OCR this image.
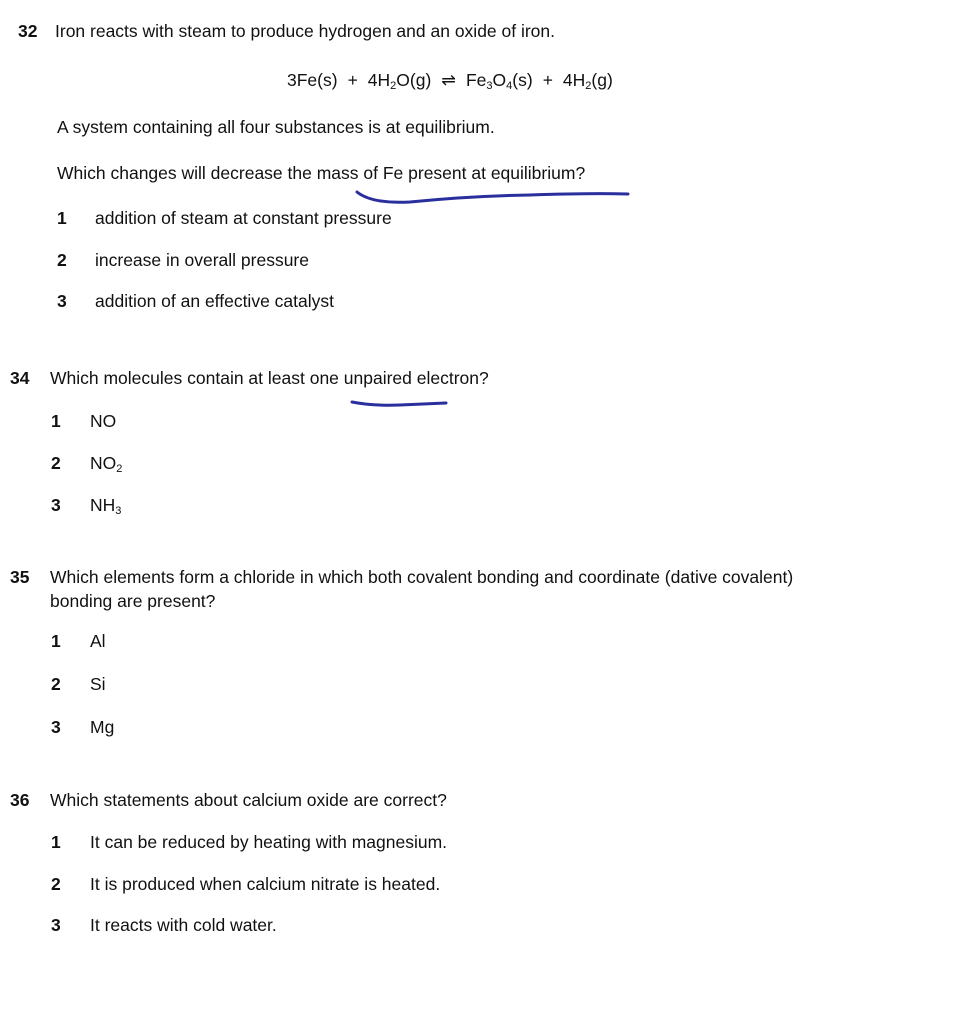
32 Iron reacts with steam to produce hydrogen and an oxide of iron.
$3Fe(s) + 4H_2O(g)$ ⇌ $Fe_3O_4(s) + 4H_2(g)$
A system containing all four substances is at equilibrium.
Which changes will decrease the mass of Fe present at equilibrium?
1 addition of steam at constant pressure
2 increase in overall pressure
3 addition of an effective catalyst
34 Which molecules contain at least one unpaired electron?
1 NO
2 $NO_2$
3 $NH_3$
35 Which elements form a chloride in which both covalent bonding and coordinate (dative covalent)
bonding are present?
1 Al
2 Si
3 Mg
36 Which statements about calcium oxide are correct?
1 It can be reduced by heating with magnesium.
2 It is produced when calcium nitrate is heated.
3 It reacts with cold water.
